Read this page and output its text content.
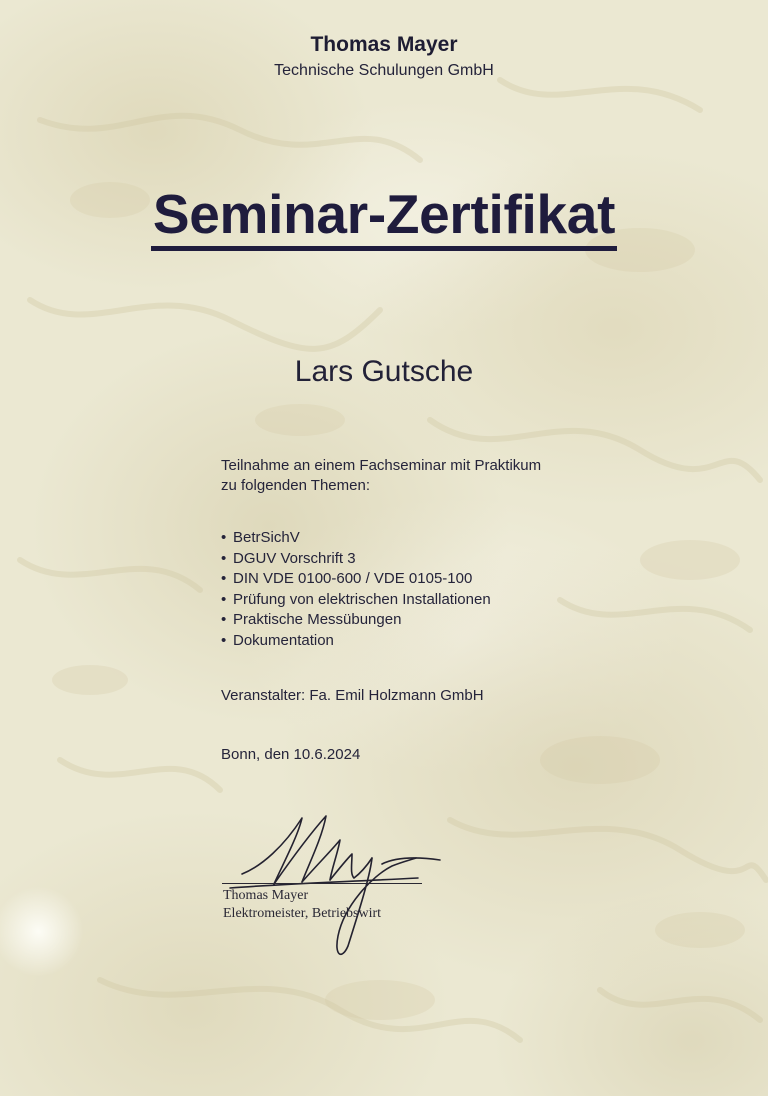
Thomas Mayer
Technische Schulungen GmbH
Seminar-Zertifikat
Lars Gutsche
Teilnahme an einem Fachseminar mit Praktikum
zu folgenden Themen:
• BetrSichV
• DGUV Vorschrift 3
• DIN VDE 0100-600 / VDE 0105-100
• Prüfung von elektrischen Installationen
• Praktische Messübungen
• Dokumentation
Veranstalter: Fa. Emil Holzmann GmbH
Bonn, den 10.6.2024
Thomas Mayer
Elektromeister, Betriebswirt
